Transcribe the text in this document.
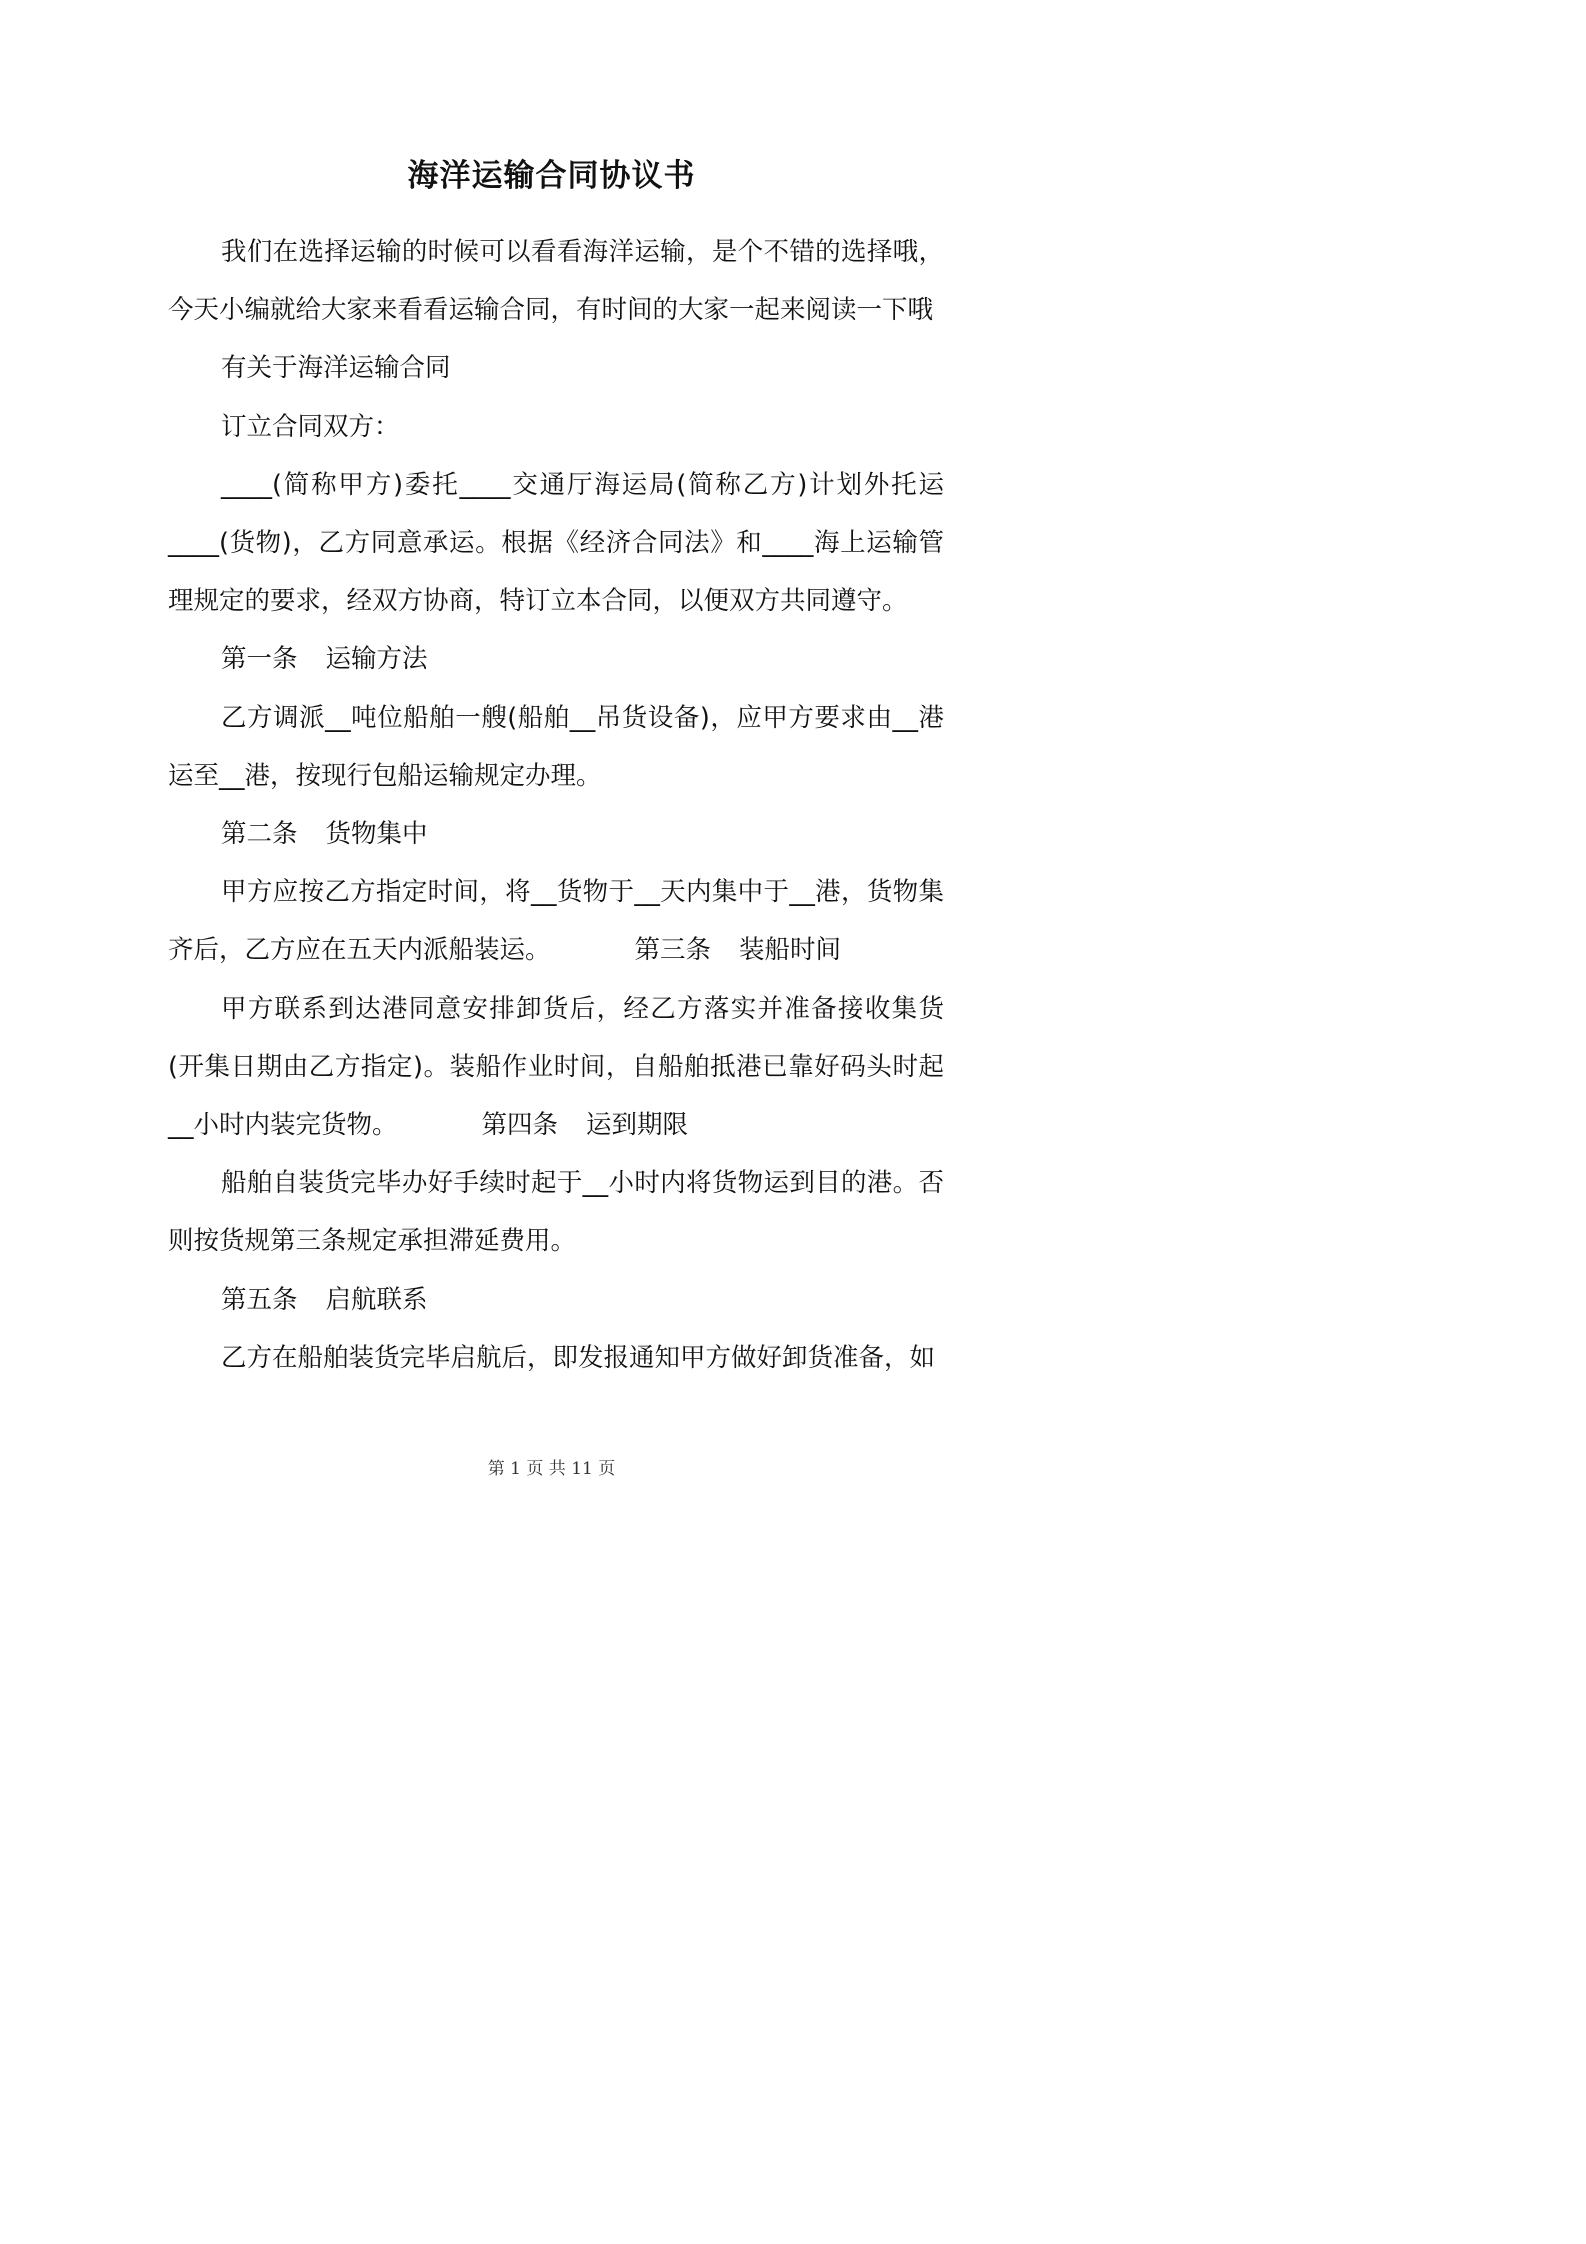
海洋运输合同协议书

我们在选择运输的时候可以看看海洋运输，是个不错的选择哦，今天小编就给大家来看看运输合同，有时间的大家一起来阅读一下哦

有关于海洋运输合同

订立合同双方：

____(简称甲方)委托____交通厅海运局(简称乙方)计划外托运____(货物)，乙方同意承运。根据《经济合同法》和____海上运输管理规定的要求，经双方协商，特订立本合同，以便双方共同遵守。

第一条 运输方法

乙方调派__吨位船舶一艘(船舶__吊货设备)，应甲方要求由__港运至__港，按现行包船运输规定办理。

第二条 货物集中

甲方应按乙方指定时间，将__货物于__天内集中于__港，货物集齐后，乙方应在五天内派船装运。	第三条 装船时间

甲方联系到达港同意安排卸货后，经乙方落实并准备接收集货(开集日期由乙方指定)。装船作业时间，自船舶抵港已靠好码头时起__小时内装完货物。	第四条 运到期限

船舶自装货完毕办好手续时起于__小时内将货物运到目的港。否则按货规第三条规定承担滞延费用。

第五条 启航联系

乙方在船舶装货完毕启航后，即发报通知甲方做好卸货准备，如

第 1 页 共 11 页
